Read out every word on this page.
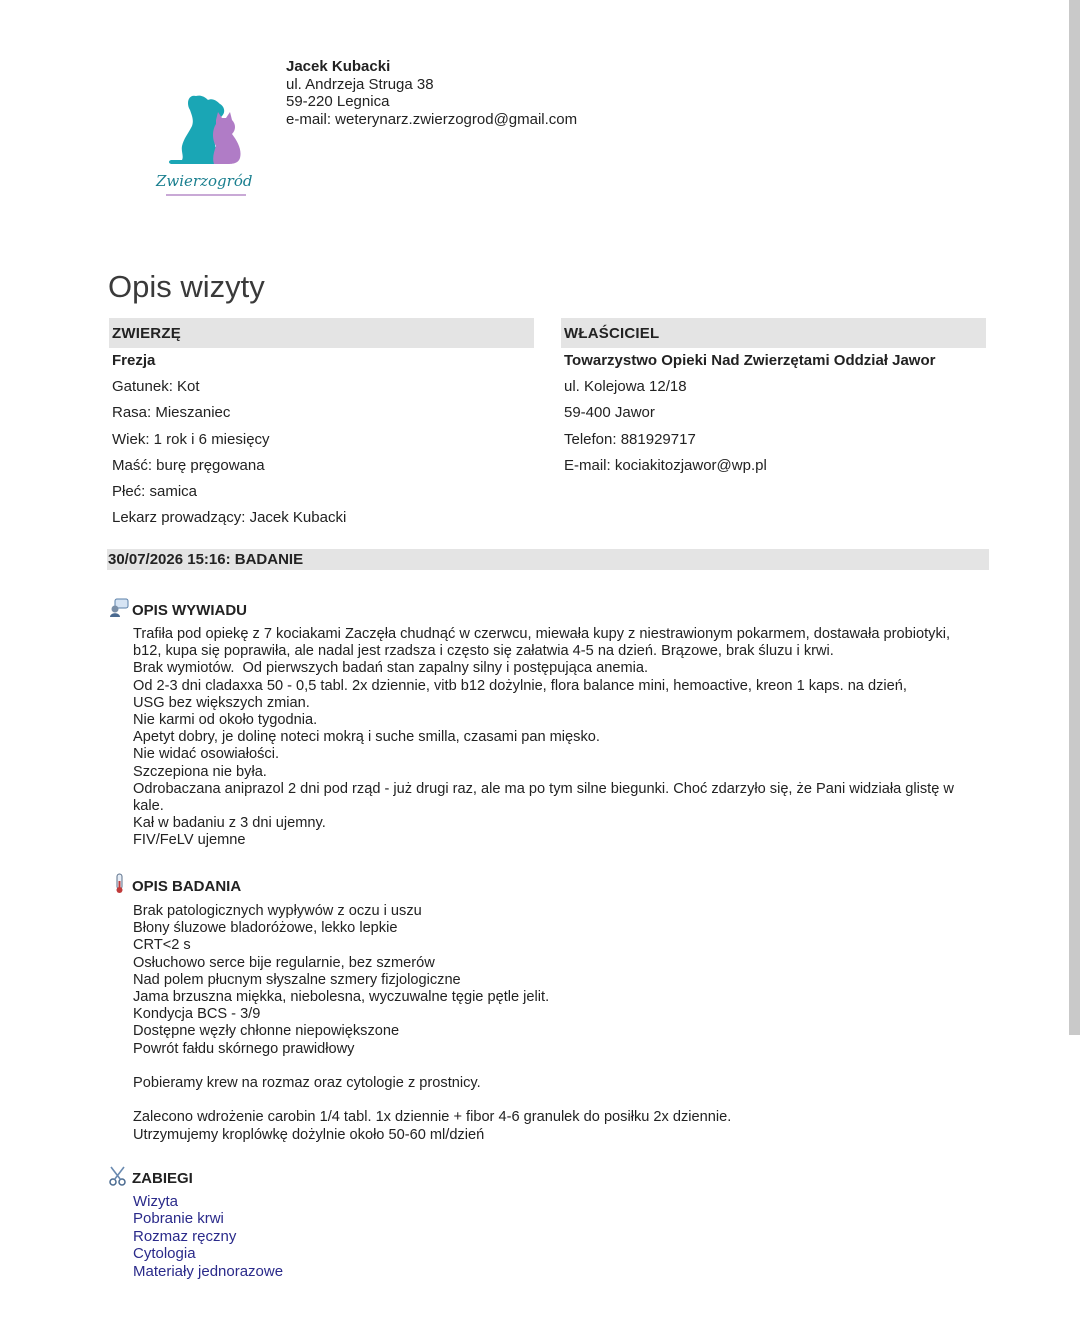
Zwierzogród
Jacek Kubacki
ul. Andrzeja Struga 38
59-220 Legnica
e-mail: weterynarz.zwierzogrod@gmail.com
Opis wizyty
ZWIERZĘ
Frezja
Gatunek: Kot
Rasa: Mieszaniec
Wiek: 1 rok i 6 miesięcy
Maść: burę pręgowana
Płeć: samica
Lekarz prowadzący: Jacek Kubacki
WŁAŚCICIEL
Towarzystwo Opieki Nad Zwierzętami Oddział Jawor
ul. Kolejowa 12/18
59-400 Jawor
Telefon: 881929717
E-mail: kociakitozjawor@wp.pl
30/07/2026 15:16: BADANIE
OPIS WYWIADU
Trafiła pod opiekę z 7 kociakami Zaczęła chudnąć w czerwcu, miewała kupy z niestrawionym pokarmem, dostawała probiotyki,
b12, kupa się poprawiła, ale nadal jest rzadsza i często się załatwia 4-5 na dzień. Brązowe, brak śluzu i krwi.
Brak wymiotów.  Od pierwszych badań stan zapalny silny i postępująca anemia.
Od 2-3 dni cladaxxa 50 - 0,5 tabl. 2x dziennie, vitb b12 dożylnie, flora balance mini, hemoactive, kreon 1 kaps. na dzień,
USG bez większych zmian.
Nie karmi od około tygodnia.
Apetyt dobry, je dolinę noteci mokrą i suche smilla, czasami pan mięsko.
Nie widać osowiałości.
Szczepiona nie była.
Odrobaczana aniprazol 2 dni pod rząd - już drugi raz, ale ma po tym silne biegunki. Choć zdarzyło się, że Pani widziała glistę w
kale.
Kał w badaniu z 3 dni ujemny.
FIV/FeLV ujemne
OPIS BADANIA
Brak patologicznych wypływów z oczu i uszu
Błony śluzowe bladoróżowe, lekko lepkie
CRT<2 s
Osłuchowo serce bije regularnie, bez szmerów
Nad polem płucnym słyszalne szmery fizjologiczne
Jama brzuszna miękka, niebolesna, wyczuwalne tęgie pętle jelit.
Kondycja BCS - 3/9
Dostępne węzły chłonne niepowiększone
Powrót fałdu skórnego prawidłowy

Pobieramy krew na rozmaz oraz cytologie z prostnicy.

Zalecono wdrożenie carobin 1/4 tabl. 1x dziennie + fibor 4-6 granulek do posiłku 2x dziennie.
Utrzymujemy kroplówkę dożylnie około 50-60 ml/dzień
ZABIEGI
Wizyta
Pobranie krwi
Rozmaz ręczny
Cytologia
Materiały jednorazowe
